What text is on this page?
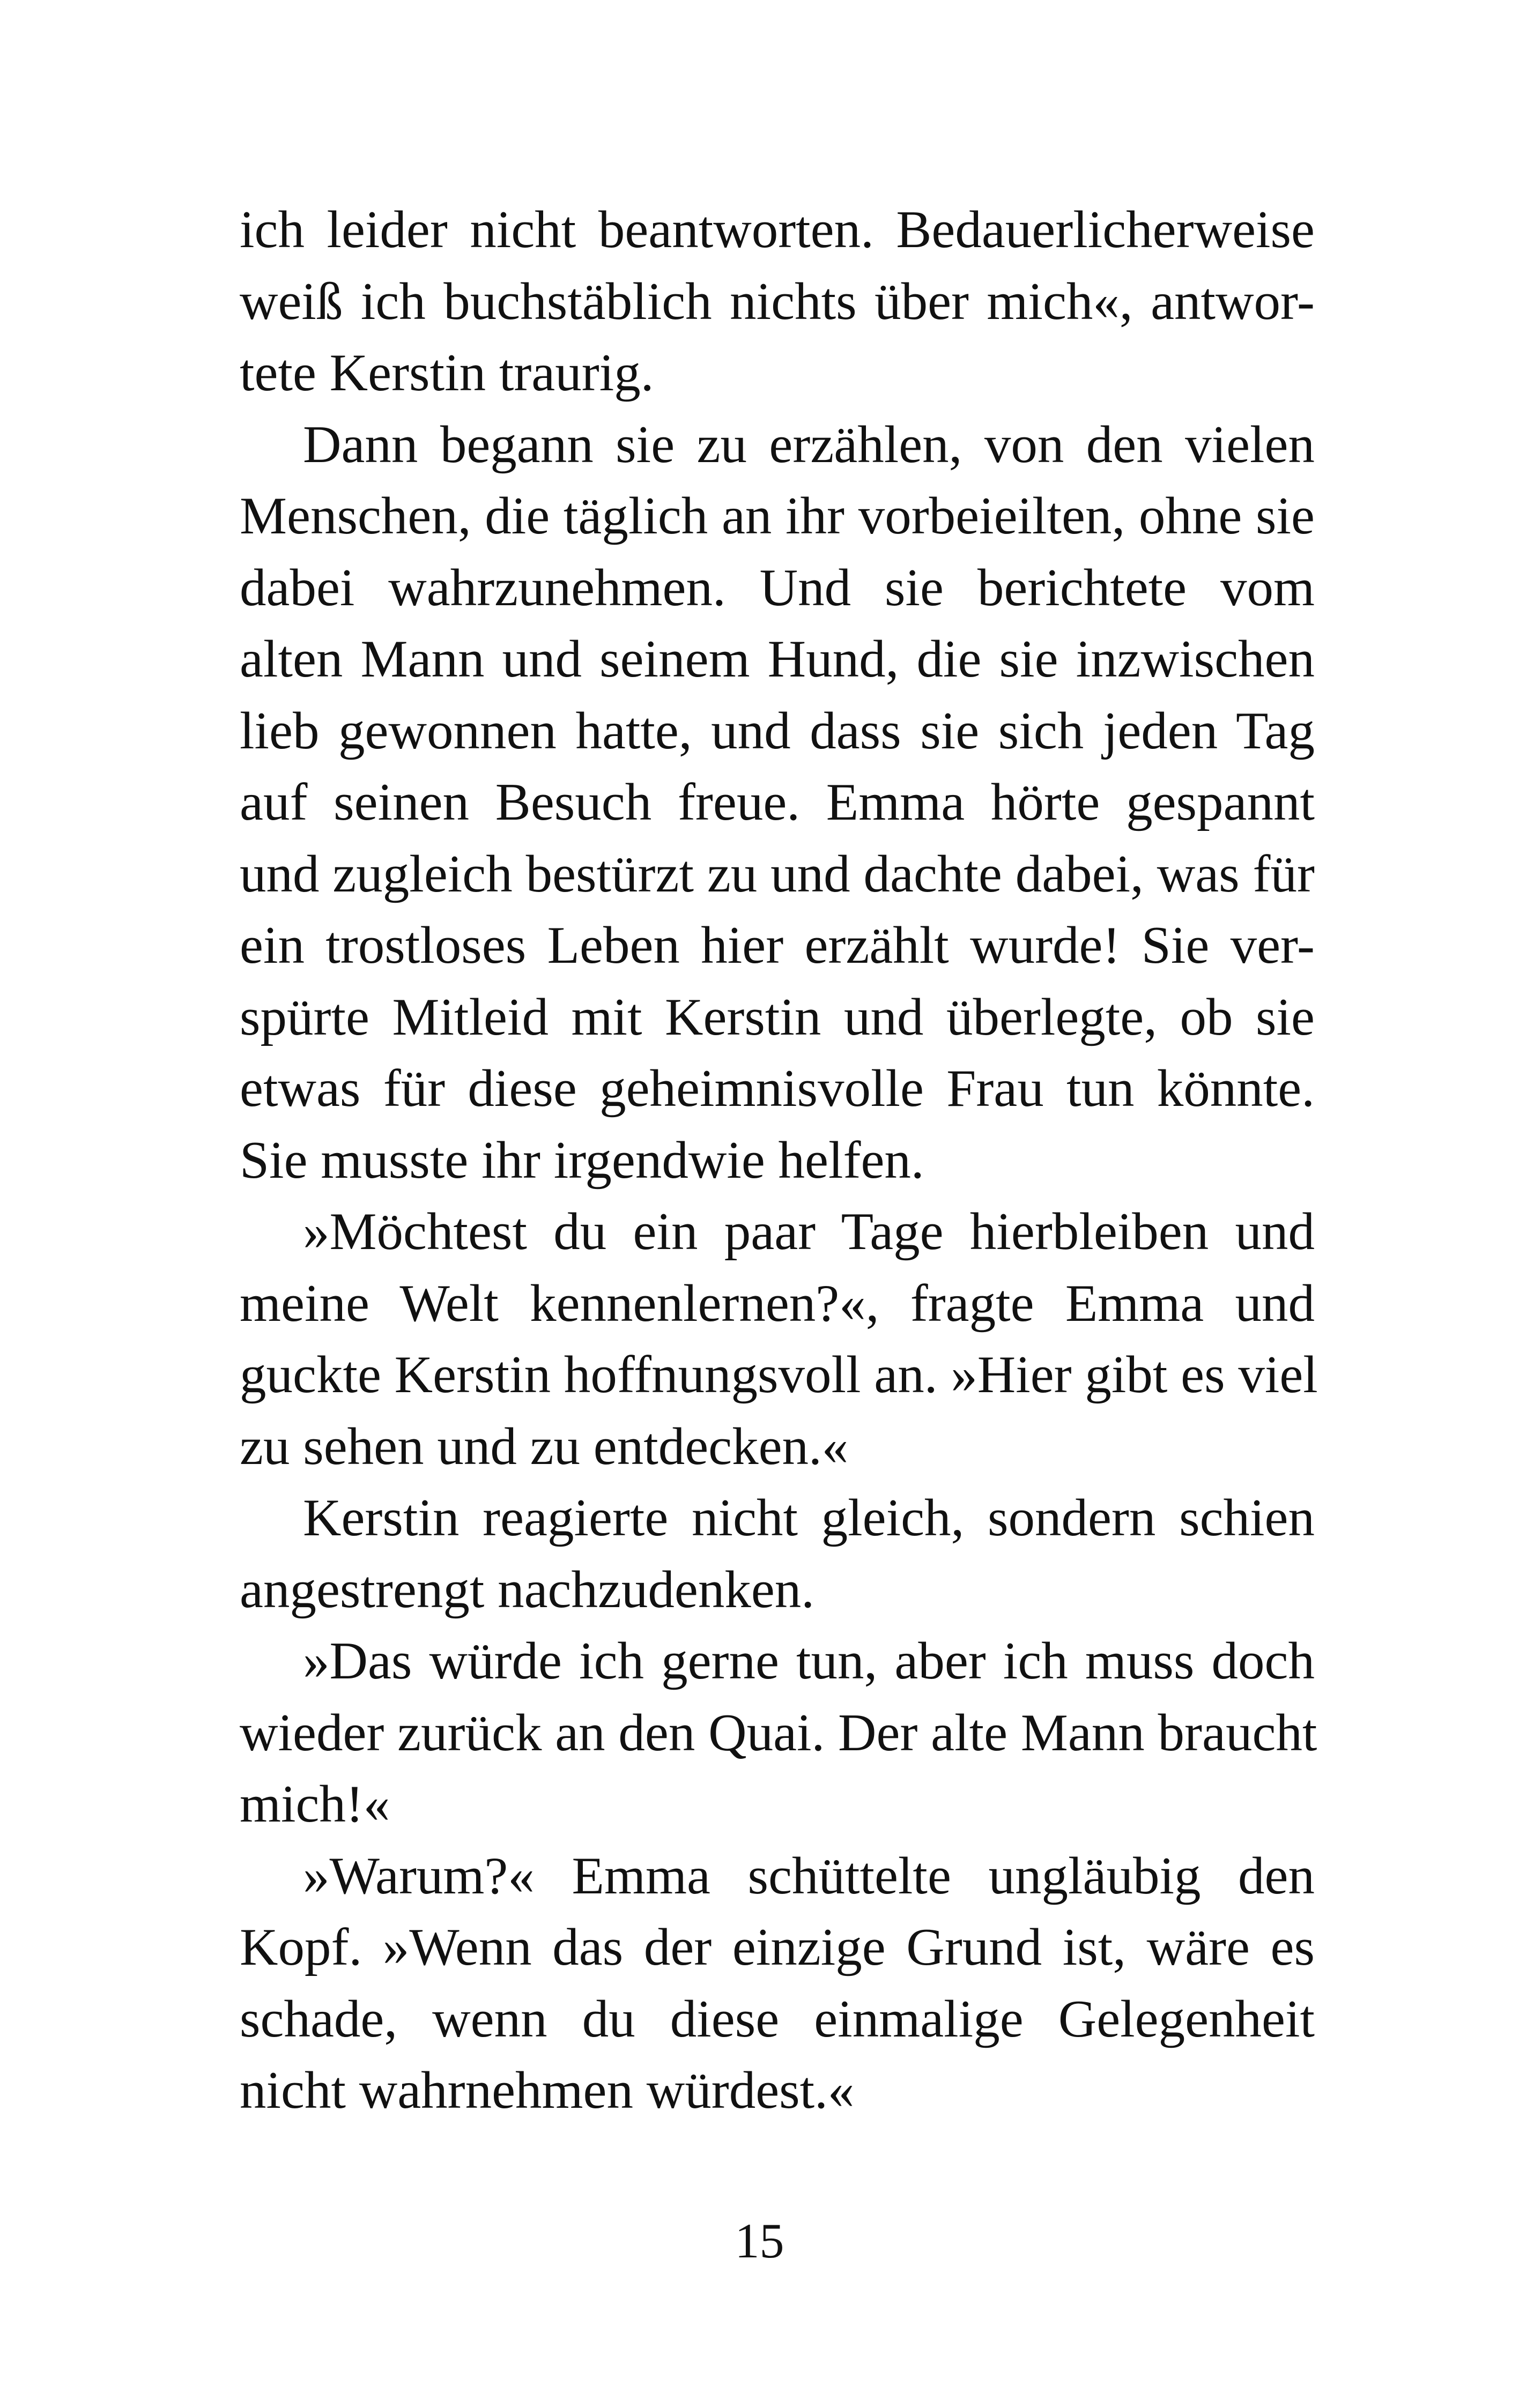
ich leider nicht beantworten. Bedauerlicherweise
weiß ich buchstäblich nichts über mich«, antwor-
tete Kerstin traurig.
Dann begann sie zu erzählen, von den vielen
Menschen, die täglich an ihr vorbeieilten, ohne sie
dabei wahrzunehmen. Und sie berichtete vom
alten Mann und seinem Hund, die sie inzwischen
lieb gewonnen hatte, und dass sie sich jeden Tag
auf seinen Besuch freue. Emma hörte gespannt
und zugleich bestürzt zu und dachte dabei, was für
ein trostloses Leben hier erzählt wurde! Sie ver-
spürte Mitleid mit Kerstin und überlegte, ob sie
etwas für diese geheimnisvolle Frau tun könnte.
Sie musste ihr irgendwie helfen.
»Möchtest du ein paar Tage hierbleiben und
meine Welt kennenlernen?«, fragte Emma und
guckte Kerstin hoffnungsvoll an. »Hier gibt es viel
zu sehen und zu entdecken.«
Kerstin reagierte nicht gleich, sondern schien
angestrengt nachzudenken.
»Das würde ich gerne tun, aber ich muss doch
wieder zurück an den Quai. Der alte Mann braucht
mich!«
»Warum?« Emma schüttelte ungläubig den
Kopf. »Wenn das der einzige Grund ist, wäre es
schade, wenn du diese einmalige Gelegenheit
nicht wahrnehmen würdest.«
15
